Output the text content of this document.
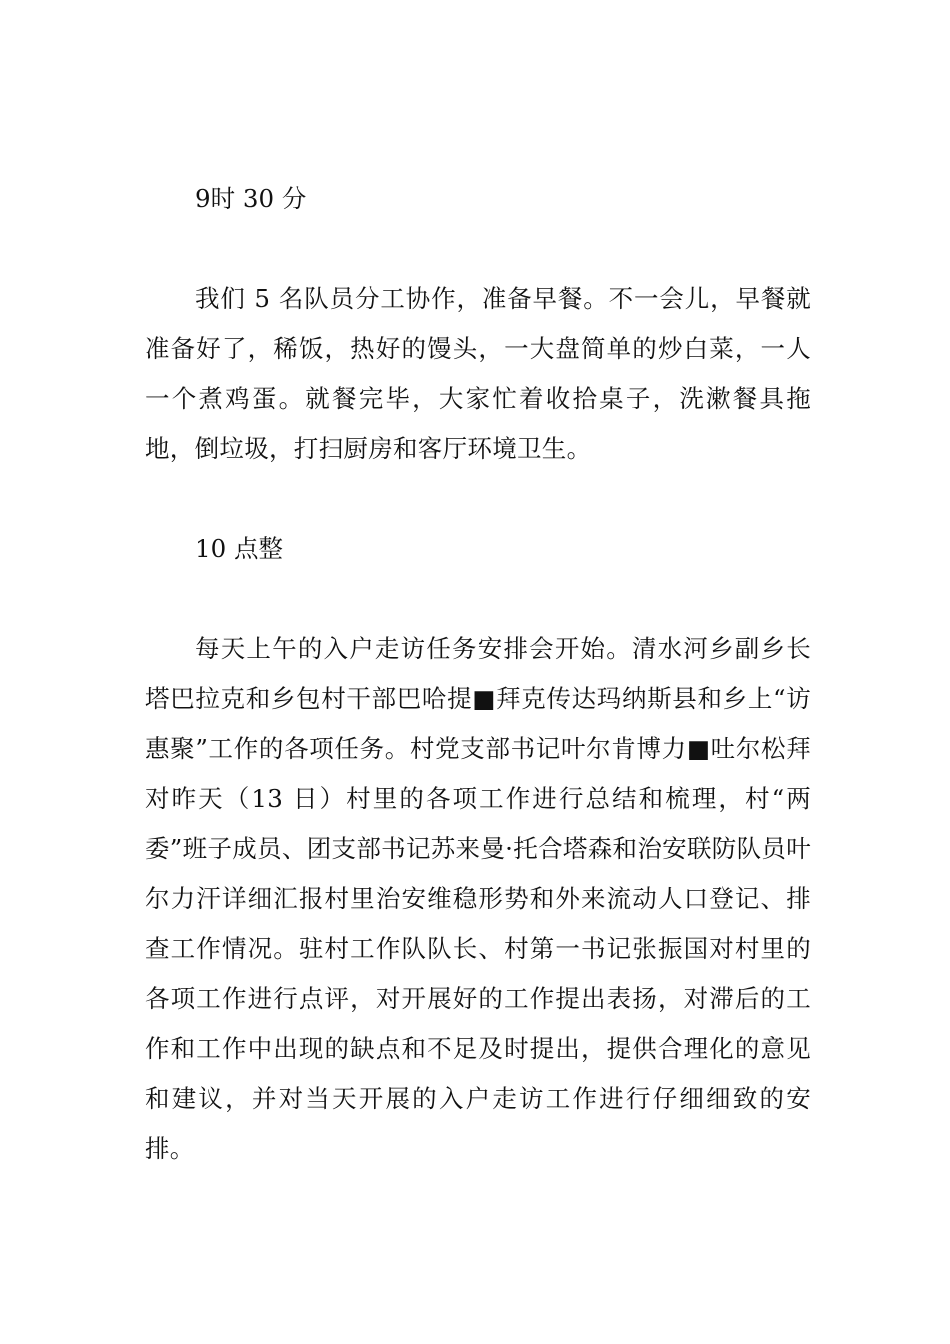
9时 30 分

我们 5 名队员分工协作，准备早餐。不一会儿，早餐就准备好了，稀饭，热好的馒头，一大盘简单的炒白菜，一人一个煮鸡蛋。就餐完毕，大家忙着收拾桌子，洗漱餐具拖地，倒垃圾，打扫厨房和客厅环境卫生。

10 点整

每天上午的入户走访任务安排会开始。清水河乡副乡长塔巴拉克和乡包村干部巴哈提■拜克传达玛纳斯县和乡上“访惠聚”工作的各项任务。村党支部书记叶尔肯博力■吐尔松拜对昨天（13 日）村里的各项工作进行总结和梳理，村“两委”班子成员、团支部书记苏来曼·托合塔森和治安联防队员叶尔力汗详细汇报村里治安维稳形势和外来流动人口登记、排查工作情况。驻村工作队队长、村第一书记张振国对村里的各项工作进行点评，对开展好的工作提出表扬，对滞后的工作和工作中出现的缺点和不足及时提出，提供合理化的意见和建议，并对当天开展的入户走访工作进行仔细细致的安排。
